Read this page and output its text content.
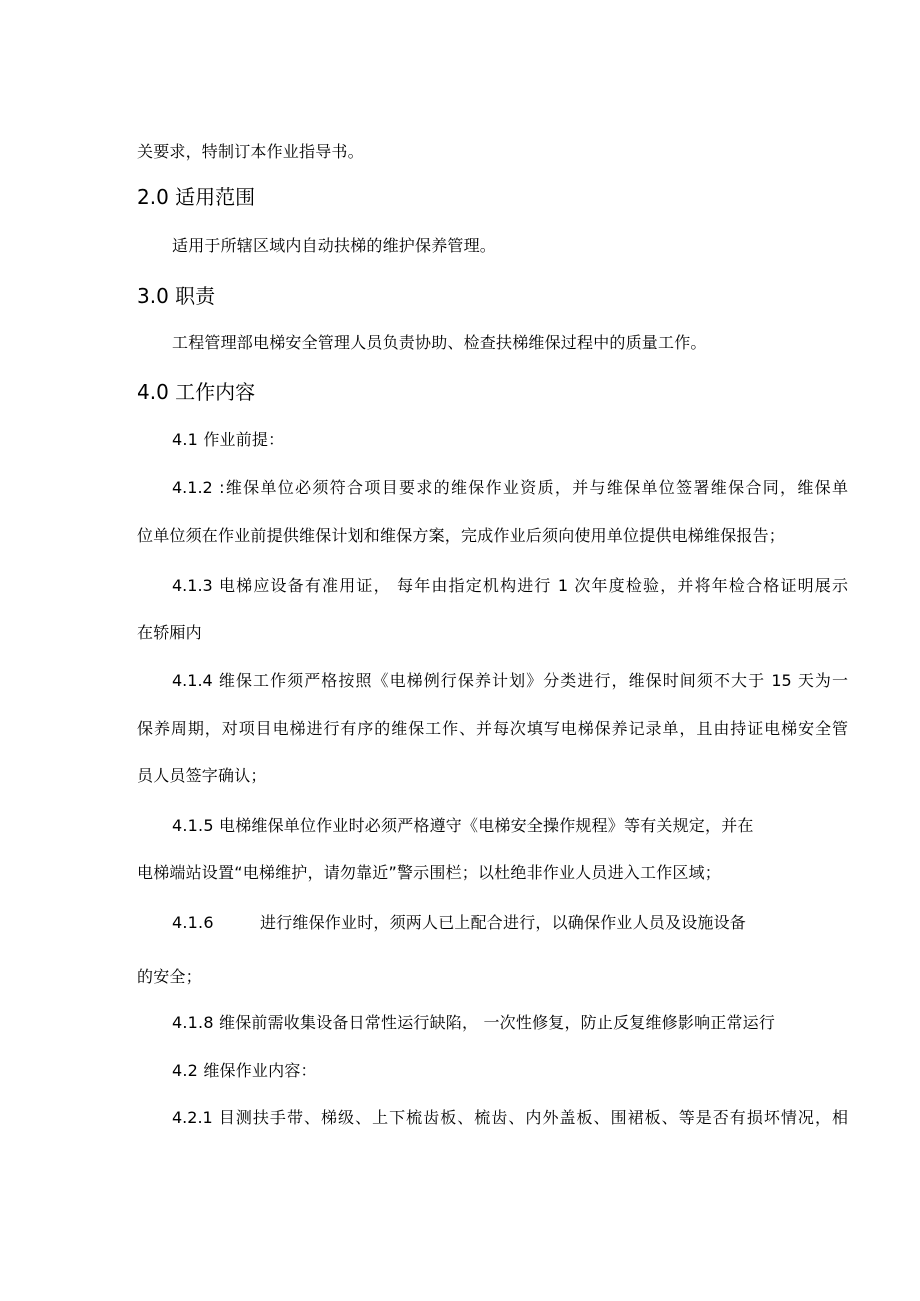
关要求，特制订本作业指导书。
2.0 适用范围
适用于所辖区域内自动扶梯的维护保养管理。
3.0 职责
工程管理部电梯安全管理人员负责协助、检查扶梯维保过程中的质量工作。
4.0 工作内容
4.1 作业前提：
4.1.2 :维保单位必须符合项目要求的维保作业资质，并与维保单位签署维保合同，维保单
位单位须在作业前提供维保计划和维保方案，完成作业后须向使用单位提供电梯维保报告；
4.1.3 电梯应设备有准用证， 每年由指定机构进行 1 次年度检验，并将年检合格证明展示
在轿厢内
4.1.4 维保工作须严格按照《电梯例行保养计划》分类进行，维保时间须不大于 15 天为一
保养周期，对项目电梯进行有序的维保工作、并每次填写电梯保养记录单，且由持证电梯安全管
员人员签字确认；
4.1.5 电梯维保单位作业时必须严格遵守《电梯安全操作规程》等有关规定，并在
电梯端站设置“电梯维护，请勿靠近”警示围栏；以杜绝非作业人员进入工作区域；
4.1.6	进行维保作业时，须两人已上配合进行，以确保作业人员及设施设备
的安全；
4.1.8 维保前需收集设备日常性运行缺陷， 一次性修复，防止反复维修影响正常运行
4.2 维保作业内容：
4.2.1 目测扶手带、梯级、上下梳齿板、梳齿、内外盖板、围裙板、等是否有损坏情况，相
